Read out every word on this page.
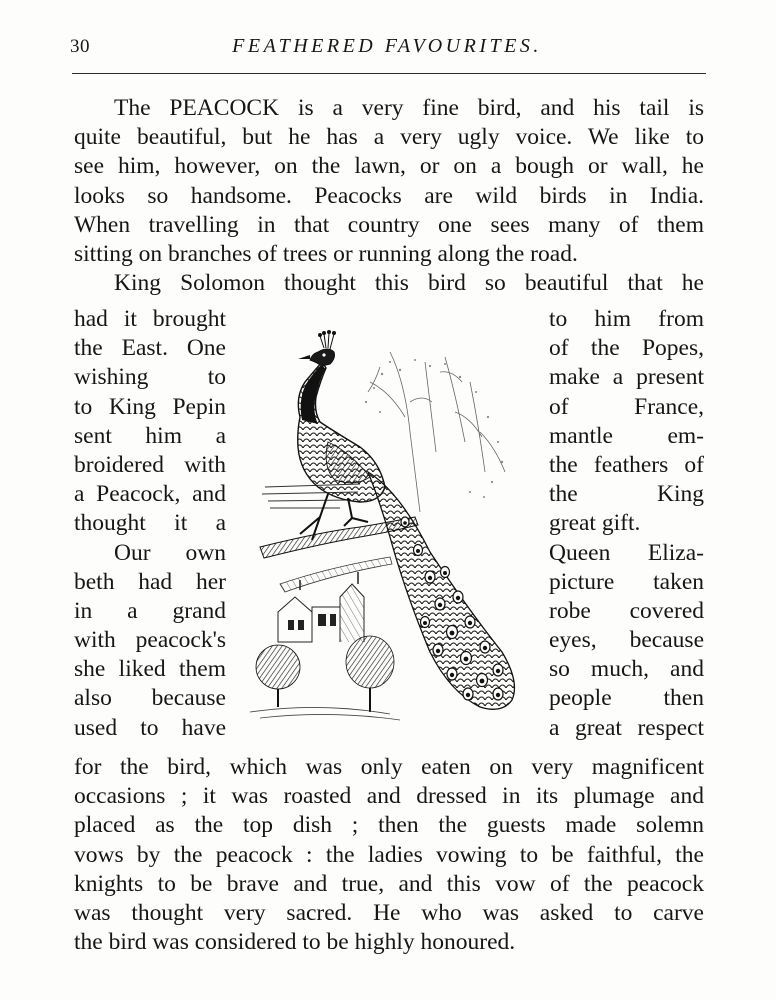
30	FEATHERED FAVOURITES.
The PEACOCK is a very fine bird, and his tail is
quite beautiful, but he has a very ugly voice. We like to
see him, however, on the lawn, or on a bough or wall, he
looks so handsome. Peacocks are wild birds in India.
When travelling in that country one sees many of them
sitting on branches of trees or running along the road.
King Solomon thought this bird so beautiful that he
had it brought
the East. One
wishing to
to King Pepin
sent him a
broidered with
a Peacock, and
thought it a
Our own
beth had her
in a grand
with peacock's
she liked them
also because
used to have
to him from
of the Popes,
make a present
of France,
mantle em-
the feathers of
the King
great gift.
Queen Eliza-
picture taken
robe covered
eyes, because
so much, and
people then
a great respect
for the bird, which was only eaten on very magnificent
occasions ; it was roasted and dressed in its plumage and
placed as the top dish ; then the guests made solemn
vows by the peacock : the ladies vowing to be faithful, the
knights to be brave and true, and this vow of the peacock
was thought very sacred. He who was asked to carve
the bird was considered to be highly honoured.
